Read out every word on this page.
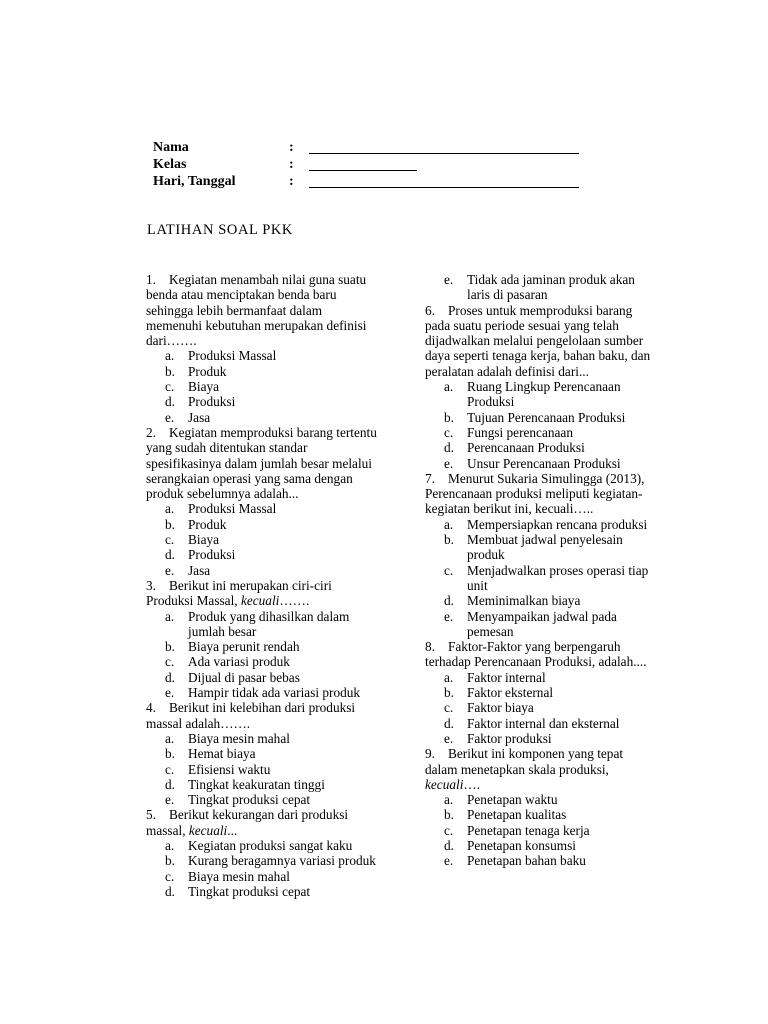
Nama	:
Kelas	:
Hari, Tanggal	:
LATIHAN SOAL PKK
1. Kegiatan menambah nilai guna suatu benda atau menciptakan benda baru sehingga lebih bermanfaat dalam memenuhi kebutuhan merupakan definisi dari…….
a. Produksi Massal
b. Produk
c. Biaya
d. Produksi
e. Jasa
2. Kegiatan memproduksi barang tertentu yang sudah ditentukan standar spesifikasinya dalam jumlah besar melalui serangkaian operasi yang sama dengan produk sebelumnya adalah...
a. Produksi Massal
b. Produk
c. Biaya
d. Produksi
e. Jasa
3. Berikut ini merupakan ciri-ciri Produksi Massal, kecuali…….
a. Produk yang dihasilkan dalam jumlah besar
b. Biaya perunit rendah
c. Ada variasi produk
d. Dijual di pasar bebas
e. Hampir tidak ada variasi produk
4. Berikut ini kelebihan dari produksi massal adalah…….
a. Biaya mesin mahal
b. Hemat biaya
c. Efisiensi waktu
d. Tingkat keakuratan tinggi
e. Tingkat produksi cepat
5. Berikut kekurangan dari produksi massal, kecuali...
a. Kegiatan produksi sangat kaku
b. Kurang beragamnya variasi produk
c. Biaya mesin mahal
d. Tingkat produksi cepat
e. Tidak ada jaminan produk akan laris di pasaran
6. Proses untuk memproduksi barang pada suatu periode sesuai yang telah dijadwalkan melalui pengelolaan sumber daya seperti tenaga kerja, bahan baku, dan peralatan adalah definisi dari...
a. Ruang Lingkup Perencanaan Produksi
b. Tujuan Perencanaan Produksi
c. Fungsi perencanaan
d. Perencanaan Produksi
e. Unsur Perencanaan Produksi
7. Menurut Sukaria Simulingga (2013), Perencanaan produksi meliputi kegiatan-kegiatan berikut ini, kecuali…..
a. Mempersiapkan rencana produksi
b. Membuat jadwal penyelesain produk
c. Menjadwalkan proses operasi tiap unit
d. Meminimalkan biaya
e. Menyampaikan jadwal pada pemesan
8. Faktor-Faktor yang berpengaruh terhadap Perencanaan Produksi, adalah....
a. Faktor internal
b. Faktor eksternal
c. Faktor biaya
d. Faktor internal dan eksternal
e. Faktor produksi
9. Berikut ini komponen yang tepat dalam menetapkan skala produksi, kecuali….
a. Penetapan waktu
b. Penetapan kualitas
c. Penetapan tenaga kerja
d. Penetapan konsumsi
e. Penetapan bahan baku
